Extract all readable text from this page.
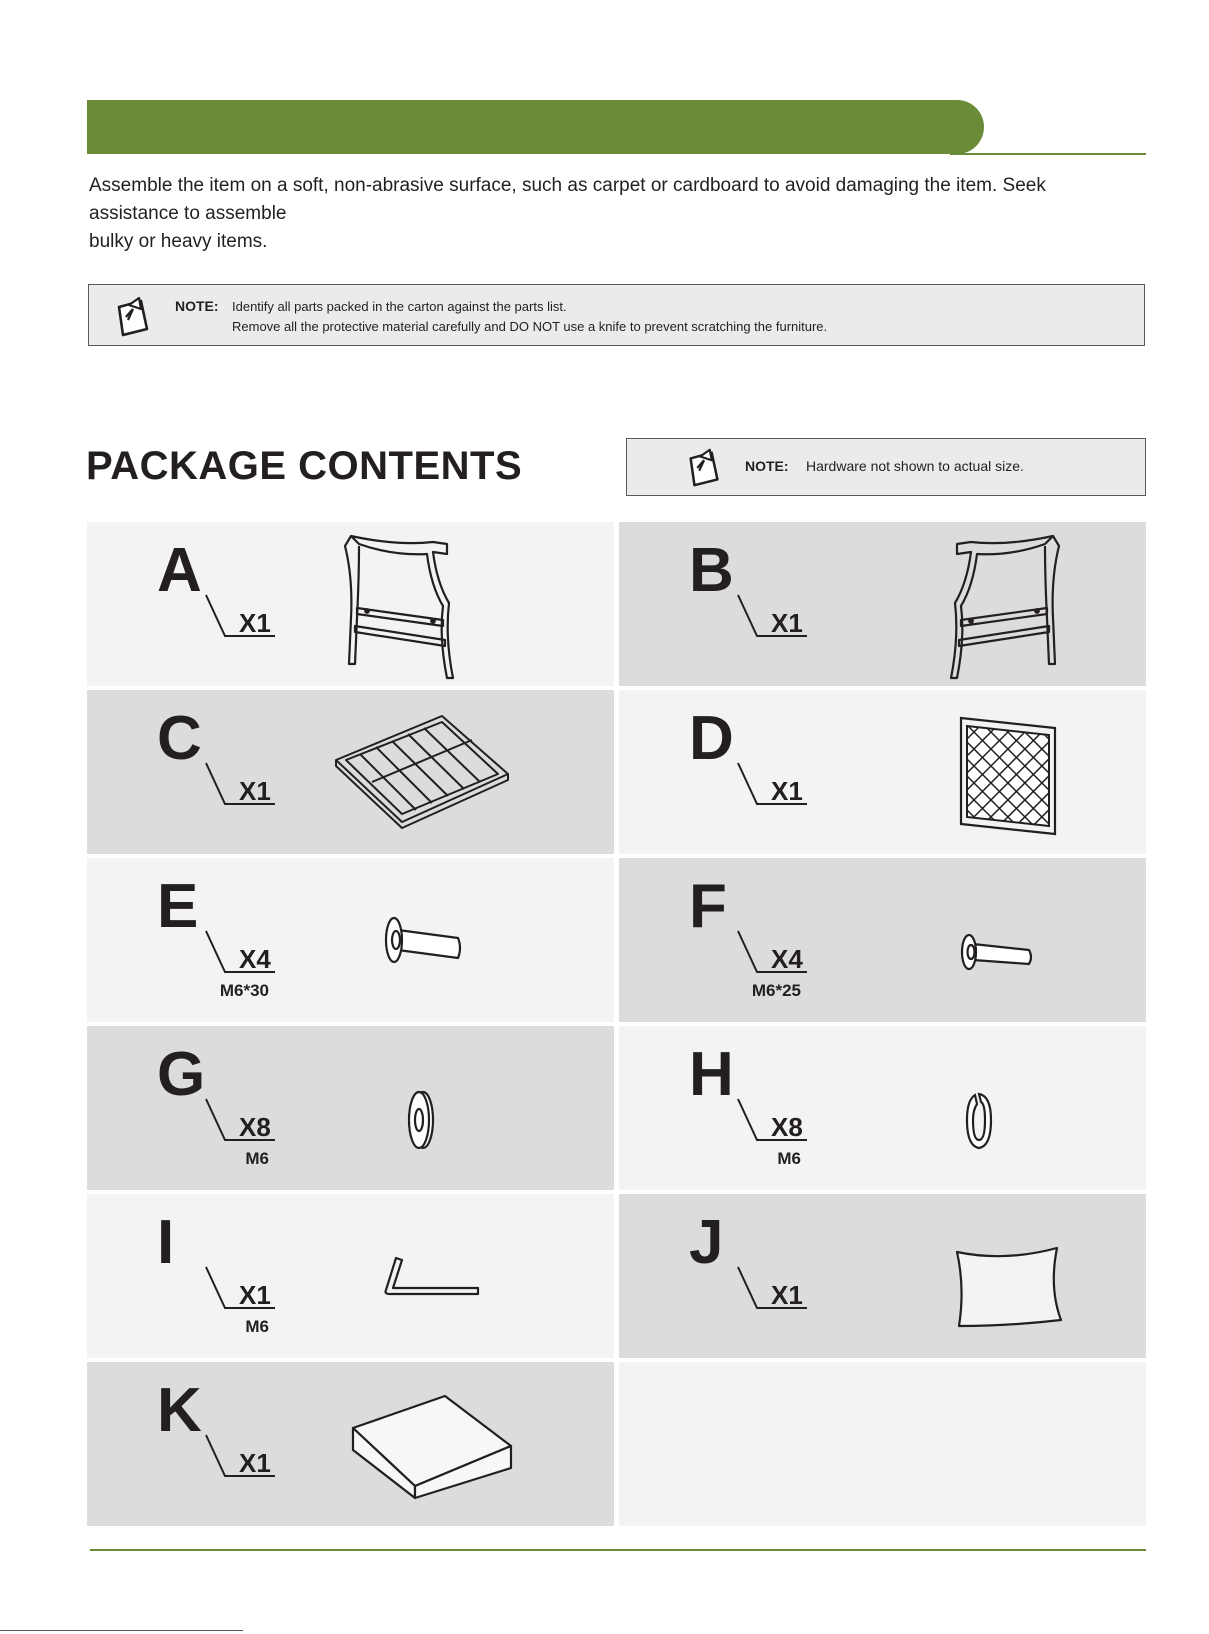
Assemble the item on a soft, non-abrasive surface, such as carpet or cardboard to avoid damaging the item. Seek
assistance to assemble
bulky or heavy items.
NOTE: Identify all parts packed in the carton against the parts list.
Remove all the protective material carefully and DO NOT use a knife to prevent scratching the furniture.
PACKAGE CONTENTS	NOTE: Hardware not shown to actual size.
A
X1
B
X1
C
X1
D
X1
E
X4
M6*30
F
X4
M6*25
G
X8
M6
H
X8
M6
I
X1
M6
J
X1
K
X1
